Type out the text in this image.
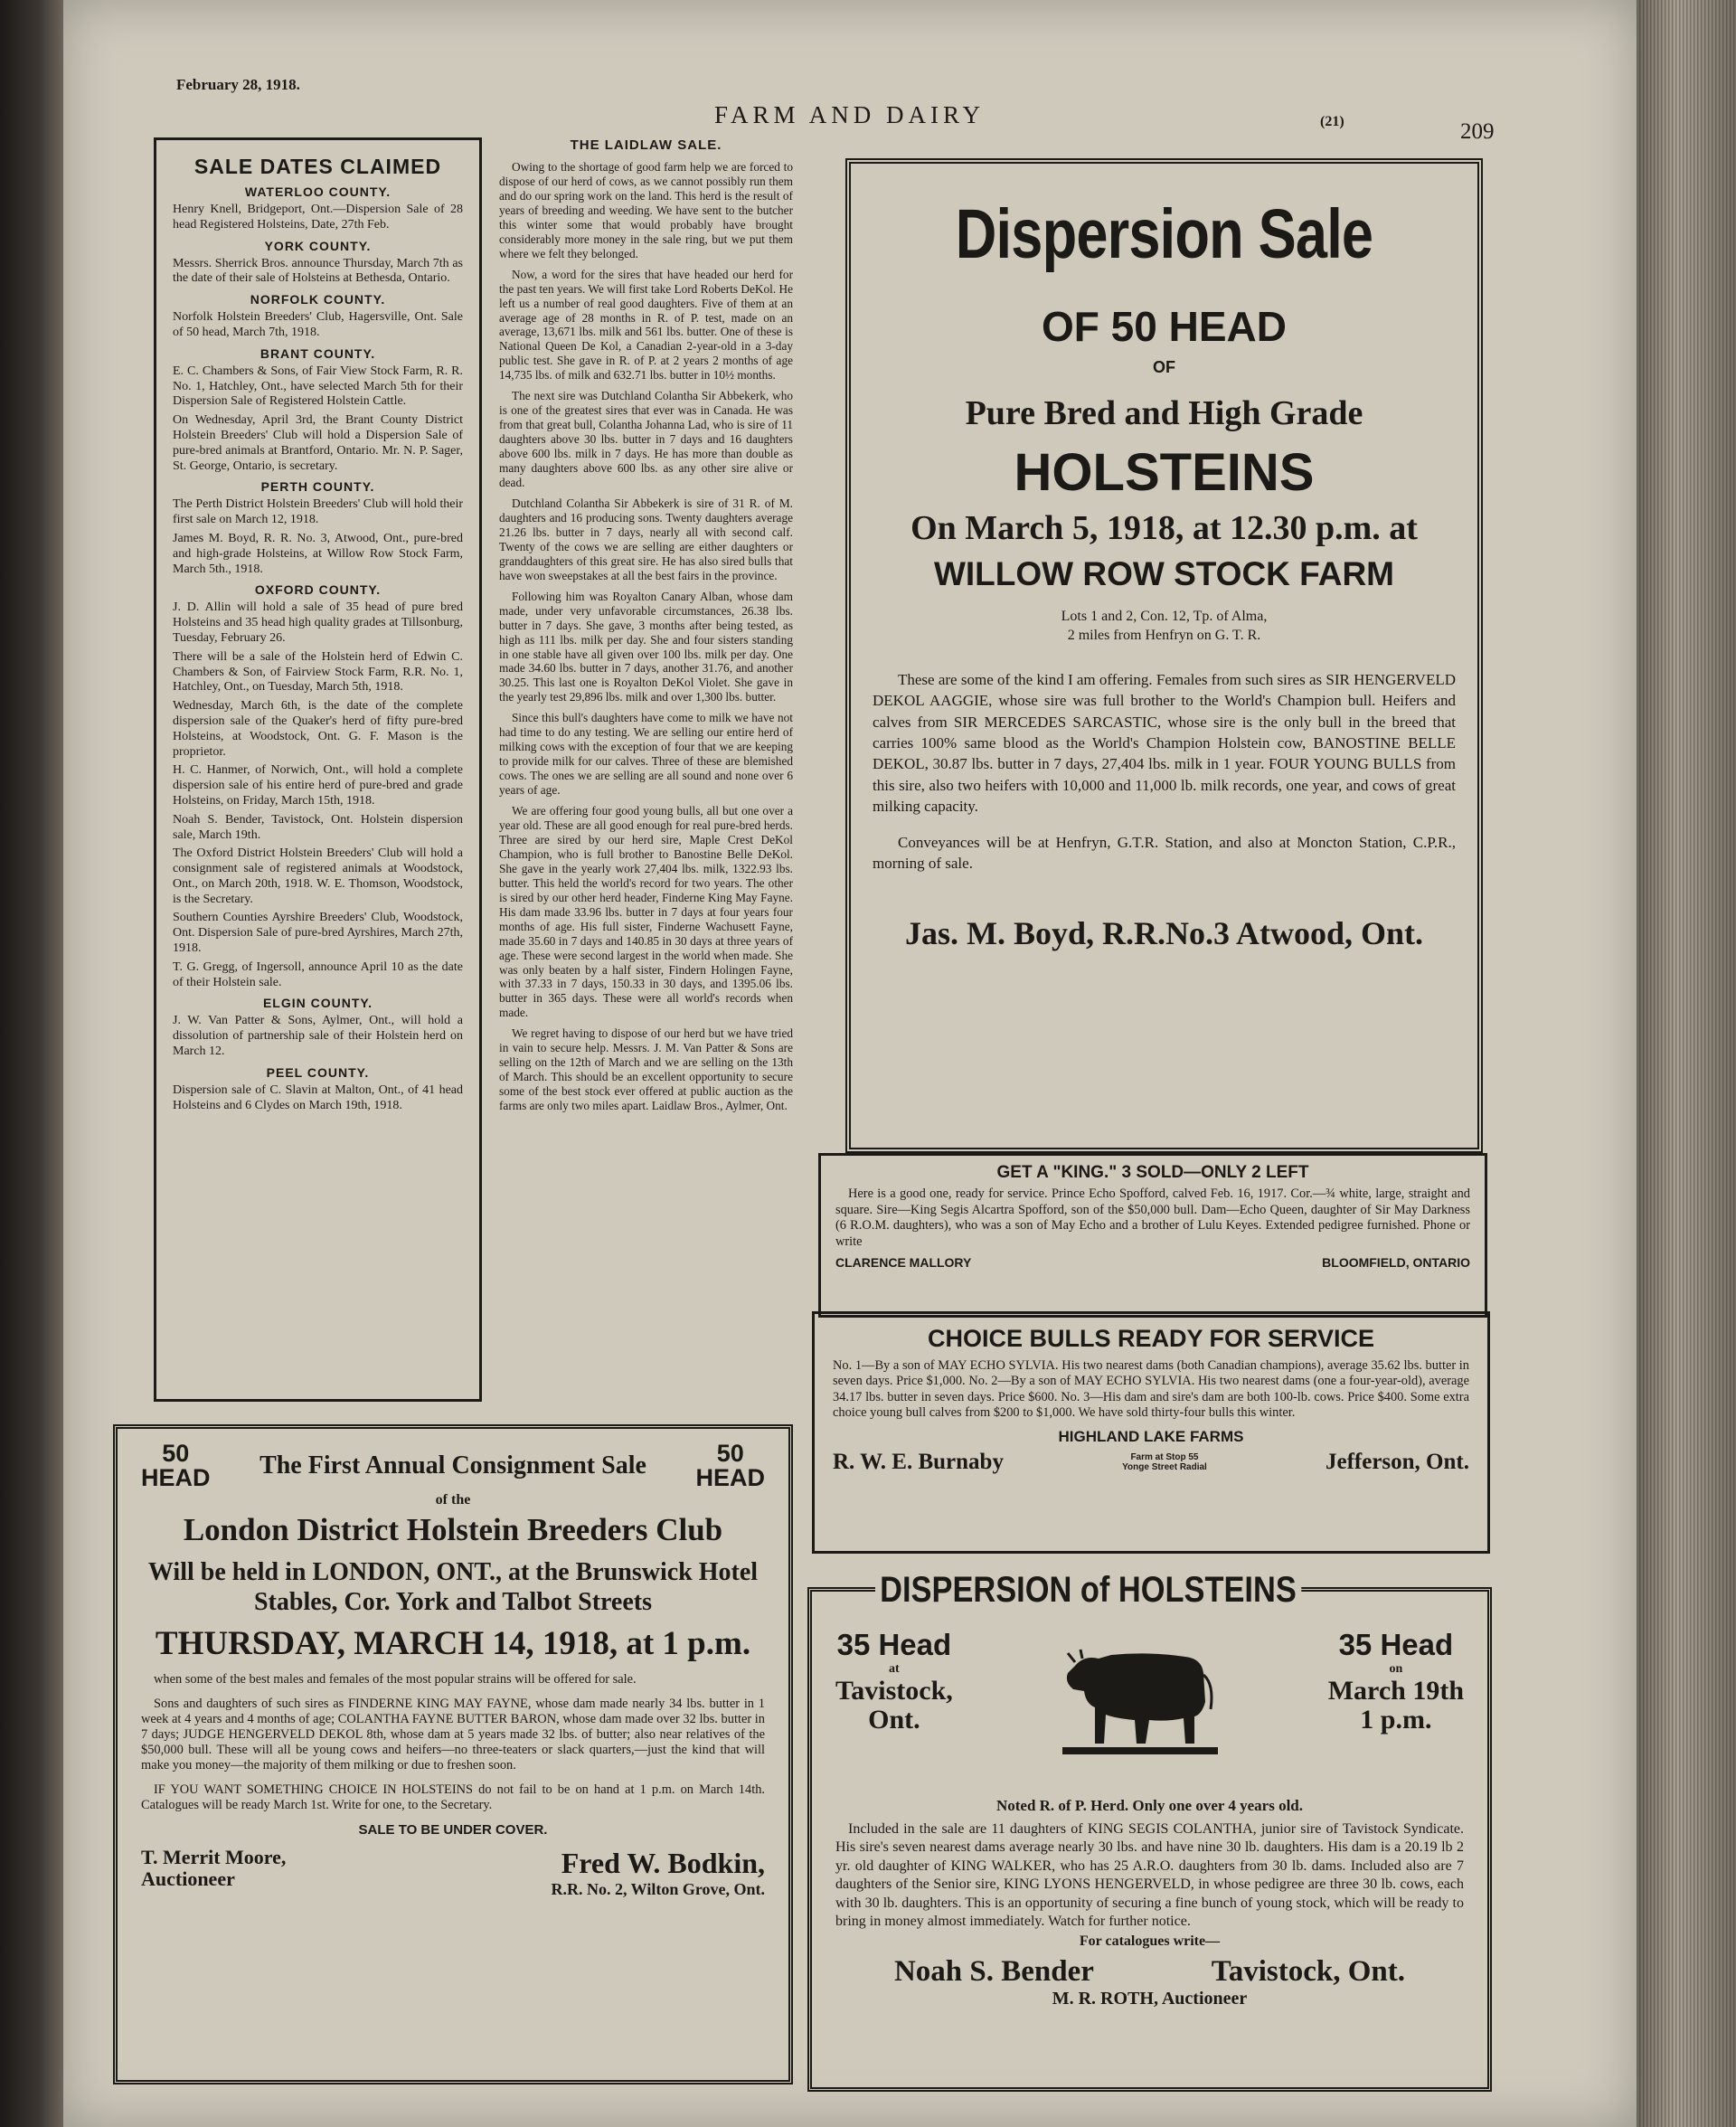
February 28, 1918.
FARM AND DAIRY	(21)	209
SALE DATES CLAIMED
WATERLOO COUNTY.
Henry Knell, Bridgeport, Ont.—Dispersion Sale of 28 head Registered Holsteins, Date, 27th Feb.
YORK COUNTY.
Messrs. Sherrick Bros. announce Thursday, March 7th as the date of their sale of Holsteins at Bethesda, Ontario.
NORFOLK COUNTY.
Norfolk Holstein Breeders' Club, Hagersville, Ont. Sale of 50 head, March 7th, 1918.
BRANT COUNTY.
E. C. Chambers & Sons, of Fair View Stock Farm, R. R. No. 1, Hatchley, Ont., have selected March 5th for their Dispersion Sale of Registered Holstein Cattle.
On Wednesday, April 3rd, the Brant County District Holstein Breeders' Club will hold a Dispersion Sale of pure-bred animals at Brantford, Ontario. Mr. N. P. Sager, St. George, Ontario, is secretary.
PERTH COUNTY.
The Perth District Holstein Breeders' Club will hold their first sale on March 12, 1918.
James M. Boyd, R. R. No. 3, Atwood, Ont., pure-bred and high-grade Holsteins, at Willow Row Stock Farm, March 5th., 1918.
OXFORD COUNTY.
J. D. Allin will hold a sale of 35 head of pure bred Holsteins and 35 head high quality grades at Tillsonburg, Tuesday, February 26.
There will be a sale of the Holstein herd of Edwin C. Chambers & Son, of Fairview Stock Farm, R.R. No. 1, Hatchley, Ont., on Tuesday, March 5th, 1918.
Wednesday, March 6th, is the date of the complete dispersion sale of the Quaker's herd of fifty pure-bred Holsteins, at Woodstock, Ont. G. F. Mason is the proprietor.
H. C. Hanmer, of Norwich, Ont., will hold a complete dispersion sale of his entire herd of pure-bred and grade Holsteins, on Friday, March 15th, 1918.
Noah S. Bender, Tavistock, Ont. Holstein dispersion sale, March 19th.
The Oxford District Holstein Breeders' Club will hold a consignment sale of registered animals at Woodstock, Ont., on March 20th, 1918. W. E. Thomson, Woodstock, is the Secretary.
Southern Counties Ayrshire Breeders' Club, Woodstock, Ont. Dispersion Sale of pure-bred Ayrshires, March 27th, 1918.
T. G. Gregg, of Ingersoll, announce April 10 as the date of their Holstein sale.
ELGIN COUNTY.
J. W. Van Patter & Sons, Aylmer, Ont., will hold a dissolution of partnership sale of their Holstein herd on March 12.
PEEL COUNTY.
Dispersion sale of C. Slavin at Malton, Ont., of 41 head Holsteins and 6 Clydes on March 19th, 1918.
THE LAIDLAW SALE.

Owing to the shortage of good farm help we are forced to dispose of our herd of cows, as we cannot possibly run them and do our spring work on the land. This herd is the result of years of breeding and weeding. We have sent to the butcher this winter some that would probably have brought considerably more money in the sale ring, but we put them where we felt they belonged.

Now, a word for the sires that have headed our herd for the past ten years. We will first take Lord Roberts DeKol. He left us a number of real good daughters. Five of them at an average age of 28 months in R. of P. test, made on an average, 13,671 lbs. milk and 561 lbs. butter. One of these is National Queen De Kol, a Canadian 2-year-old in a 3-day public test. She gave in R. of P. at 2 years 2 months of age 14,735 lbs. of milk and 632.71 lbs. butter in 10½ months.

The next sire was Dutchland Colantha Sir Abbekerk, who is one of the greatest sires that ever was in Canada. He was from that great bull, Colantha Johanna Lad, who is sire of 11 daughters above 30 lbs. butter in 7 days and 16 daughters above 600 lbs. milk in 7 days. He has more than double as many daughters above 600 lbs. as any other sire alive or dead.

Dutchland Colantha Sir Abbekerk is sire of 31 R. of M. daughters and 16 producing sons. Twenty daughters average 21.26 lbs. butter in 7 days, nearly all with second calf. Twenty of the cows we are selling are either daughters or granddaughters of this great sire. He has also sired bulls that have won sweepstakes at all the best fairs in the province.

Following him was Royalton Canary Alban, whose dam made, under very unfavorable circumstances, 26.38 lbs. butter in 7 days. She gave, 3 months after being tested, as high as 111 lbs. milk per day. She and four sisters standing in one stable have all given over 100 lbs. milk per day. One made 34.60 lbs. butter in 7 days, another 31.76, and another 30.25. This last one is Royalton DeKol Violet. She gave in the yearly test 29,896 lbs. milk and over 1,300 lbs. butter.

Since this bull's daughters have come to milk we have not had time to do any testing. We are selling our entire herd of milking cows with the exception of four that we are keeping to provide milk for our calves. Three of these are blemished cows. The ones we are selling are all sound and none over 6 years of age.

We are offering four good young bulls, all but one over a year old. These are all good enough for real pure-bred herds. Three are sired by our herd sire, Maple Crest DeKol Champion, who is full brother to Banostine Belle DeKol. She gave in the yearly work 27,404 lbs. milk, 1322.93 lbs. butter. This held the world's record for two years. The other is sired by our other herd header, Finderne King May Fayne. His dam made 33.96 lbs. butter in 7 days at four years four months of age. His full sister, Finderne Wachusett Fayne, made 35.60 in 7 days and 140.85 in 30 days at three years of age. These were second largest in the world when made. She was only beaten by a half sister, Findern Holingen Fayne, with 37.33 in 7 days, 150.33 in 30 days, and 1395.06 lbs. butter in 365 days. These were all world's records when made.

We regret having to dispose of our herd but we have tried in vain to secure help. Messrs. J. M. Van Patter & Sons are selling on the 12th of March and we are selling on the 13th of March. This should be an excellent opportunity to secure some of the best stock ever offered at public auction as the farms are only two miles apart. Laidlaw Bros., Aylmer, Ont.

Dispersion Sale
OF 50 HEAD
OF
Pure Bred and High Grade
HOLSTEINS
On March 5, 1918, at 12.30 p.m. at
WILLOW ROW STOCK FARM
Lots 1 and 2, Con. 12, Tp. of Alma,
2 miles from Henfryn on G. T. R.
These are some of the kind I am offering. Females from such sires as SIR HENGERVELD DEKOL AAGGIE, whose sire was full brother to the World's Champion bull. Heifers and calves from SIR MERCEDES SARCASTIC, whose sire is the only bull in the breed that carries 100% same blood as the World's Champion Holstein cow, BANOSTINE BELLE DEKOL, 30.87 lbs. butter in 7 days, 27,404 lbs. milk in 1 year. FOUR YOUNG BULLS from this sire, also two heifers with 10,000 and 11,000 lb. milk records, one year, and cows of great milking capacity.
Conveyances will be at Henfryn, G.T.R. Station, and also at Moncton Station, C.P.R., morning of sale.
Jas. M. Boyd, R.R.No.3 Atwood, Ont.
GET A "KING." 3 SOLD—ONLY 2 LEFT
Here is a good one, ready for service. Prince Echo Spofford, calved Feb. 16, 1917. Cor.—¾ white, large, straight and square. Sire—King Segis Alcartra Spofford, son of the $50,000 bull. Dam—Echo Queen, daughter of Sir May Darkness (6 R.O.M. daughters), who was a son of May Echo and a brother of Lulu Keyes. Extended pedigree furnished. Phone or write
CLARENCE MALLORY	BLOOMFIELD, ONTARIO
CHOICE BULLS READY FOR SERVICE
No. 1—By a son of MAY ECHO SYLVIA. His two nearest dams (both Canadian champions), average 35.62 lbs. butter in seven days. Price $1,000. No. 2—By a son of MAY ECHO SYLVIA. His two nearest dams (one a four-year-old), average 34.17 lbs. butter in seven days. Price $600. No. 3—His dam and sire's dam are both 100-lb. cows. Price $400. Some extra choice young bull calves from $200 to $1,000. We have sold thirty-four bulls this winter.
HIGHLAND LAKE FARMS
R. W. E. Burnaby	Farm at Stop 55
Yonge Street Radial	Jefferson, Ont.
50
HEAD The First Annual Consignment Sale	50
HEAD
of the
London District Holstein Breeders Club
Will be held in LONDON, ONT., at the Brunswick Hotel Stables, Cor. York and Talbot Streets
THURSDAY, MARCH 14, 1918, at 1 p.m.
when some of the best males and females of the most popular strains will be offered for sale.
Sons and daughters of such sires as FINDERNE KING MAY FAYNE, whose dam made nearly 34 lbs. butter in 1 week at 4 years and 4 months of age; COLANTHA FAYNE BUTTER BARON, whose dam made over 32 lbs. butter in 7 days; JUDGE HENGERVELD DEKOL 8th, whose dam at 5 years made 32 lbs. of butter; also near relatives of the $50,000 bull. These will all be young cows and heifers—no three-teaters or slack quarters,—just the kind that will make you money—the majority of them milking or due to freshen soon.
IF YOU WANT SOMETHING CHOICE IN HOLSTEINS do not fail to be on hand at 1 p.m. on March 14th. Catalogues will be ready March 1st. Write for one, to the Secretary.
SALE TO BE UNDER COVER.
T. Merrit Moore,
Auctioneer	Fred W. Bodkin,
R.R. No. 2, Wilton Grove, Ont.
DISPERSION of HOLSTEINS
35 Head
at
Tavistock,
Ont.
35 Head
on
March 19th
1 p.m.
Noted R. of P. Herd. Only one over 4 years old.
Included in the sale are 11 daughters of KING SEGIS COLANTHA, junior sire of Tavistock Syndicate. His sire's seven nearest dams average nearly 30 lbs. and have nine 30 lb. daughters. His dam is a 20.19 lb 2 yr. old daughter of KING WALKER, who has 25 A.R.O. daughters from 30 lb. dams. Included also are 7 daughters of the Senior sire, KING LYONS HENGERVELD, in whose pedigree are three 30 lb. cows, each with 30 lb. daughters. This is an opportunity of securing a fine bunch of young stock, which will be ready to bring in money almost immediately. Watch for further notice.
For catalogues write—
Noah S. Bender	Tavistock, Ont.
M. R. ROTH, Auctioneer
